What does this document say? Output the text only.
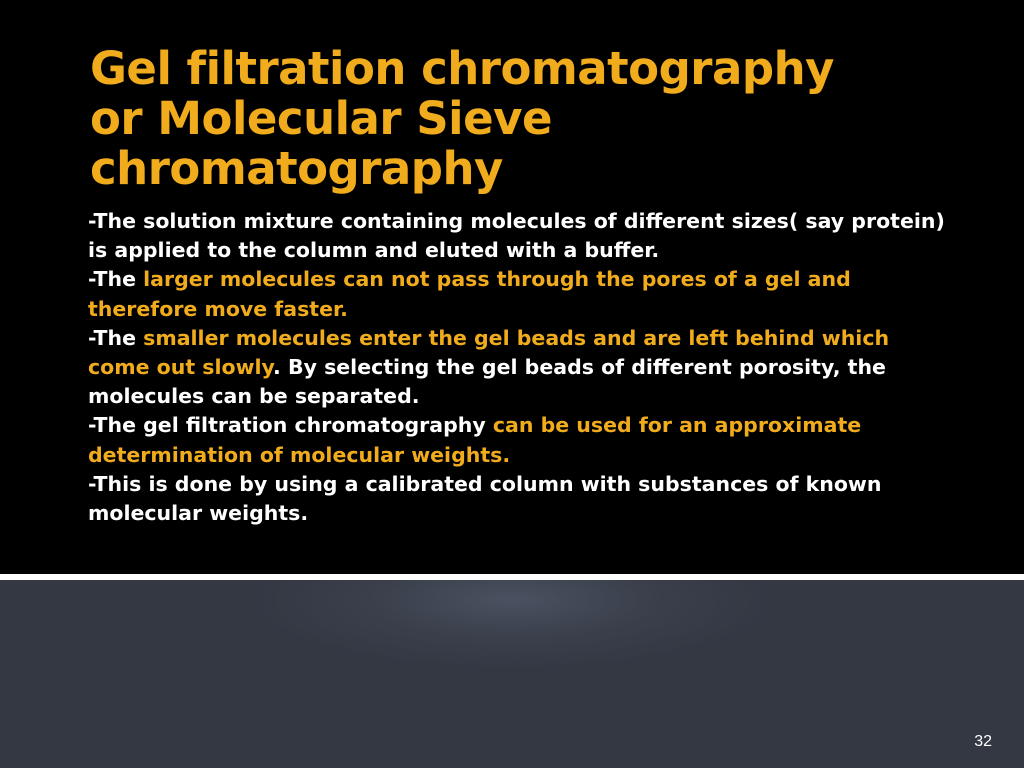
Gel filtration chromatography
or Molecular Sieve
chromatography

-The solution mixture containing molecules of different sizes( say protein) is applied to the column and eluted with a buffer.

-The larger molecules can not pass through the pores of a gel and therefore move faster.

-The smaller molecules enter the gel beads and are left behind which come out slowly. By selecting the gel beads of different porosity, the molecules can be separated.

-The gel filtration chromatography can be used for an approximate determination of molecular weights.

-This is done by using a calibrated column with substances of known molecular weights.

32
